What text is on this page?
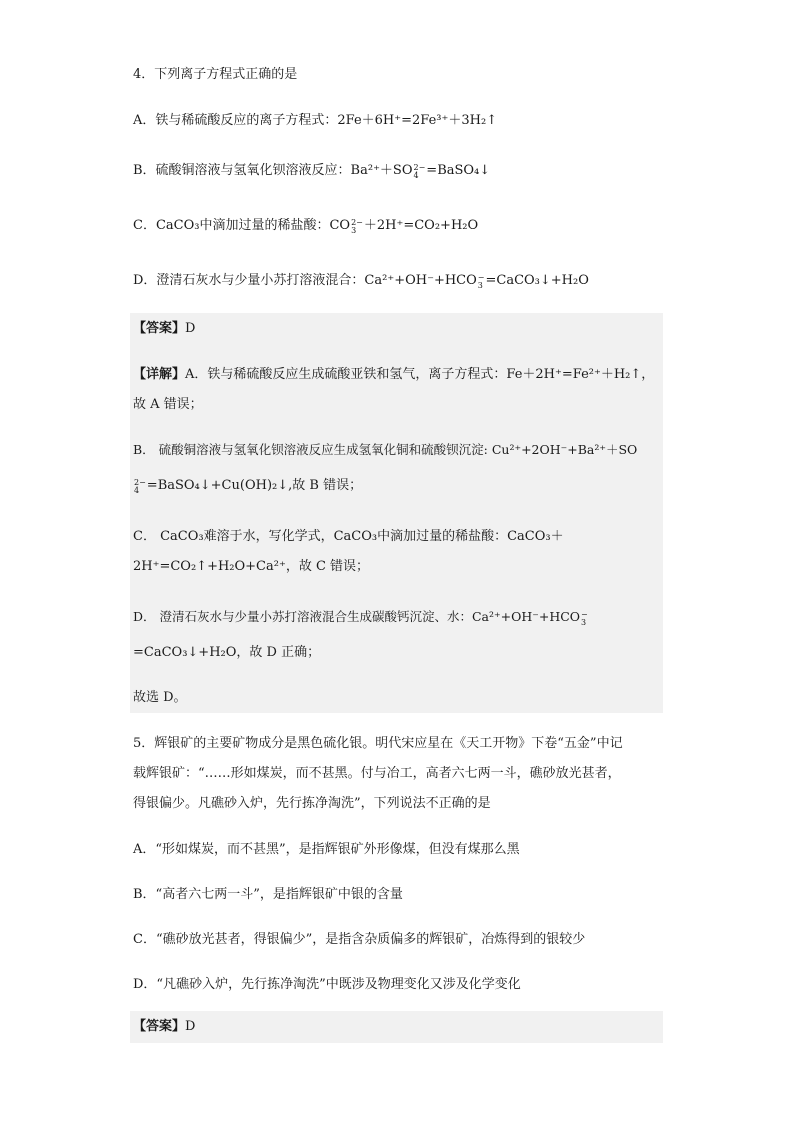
4．下列离子方程式正确的是
A．铁与稀硫酸反应的离子方程式：2Fe＋6H⁺=2Fe³⁺＋3H₂↑
B．硫酸铜溶液与氢氧化钡溶液反应：Ba²⁺＋SO 2−
4 =BaSO₄↓
C．CaCO₃中滴加过量的稀盐酸：CO 2−
3 ＋2H⁺=CO₂+H₂O
D．澄清石灰水与少量小苏打溶液混合：Ca²⁺+OH⁻+HCO −
3 =CaCO₃↓+H₂O
【答案】D
【详解】A．铁与稀硫酸反应生成硫酸亚铁和氢气，离子方程式：Fe＋2H⁺=Fe²⁺＋H₂↑，
故 A 错误；
B． 硫酸铜溶液与氢氧化钡溶液反应生成氢氧化铜和硫酸钡沉淀: Cu²⁺+2OH⁻+Ba²⁺＋SO
2−
4 =BaSO₄↓+Cu(OH)₂↓,故 B 错误；
C． CaCO₃难溶于水，写化学式，CaCO₃中滴加过量的稀盐酸：CaCO₃＋
2H⁺=CO₂↑+H₂O+Ca²⁺，故 C 错误；
D． 澄清石灰水与少量小苏打溶液混合生成碳酸钙沉淀、水：Ca²⁺+OH⁻+HCO −
3
=CaCO₃↓+H₂O，故 D 正确；
故选 D。
5．辉银矿的主要矿物成分是黑色硫化银。明代宋应星在《天工开物》下卷“五金”中记
载辉银矿：“……形如煤炭，而不甚黑。付与冶工，高者六七两一斗，礁砂放光甚者，
得银偏少。凡礁砂入炉，先行拣净淘洗”，下列说法不正确的是
A．“形如煤炭，而不甚黑”，是指辉银矿外形像煤，但没有煤那么黑
B．“高者六七两一斗”，是指辉银矿中银的含量
C．“礁砂放光甚者，得银偏少”，是指含杂质偏多的辉银矿，冶炼得到的银较少
D．“凡礁砂入炉，先行拣净淘洗”中既涉及物理变化又涉及化学变化
【答案】D
